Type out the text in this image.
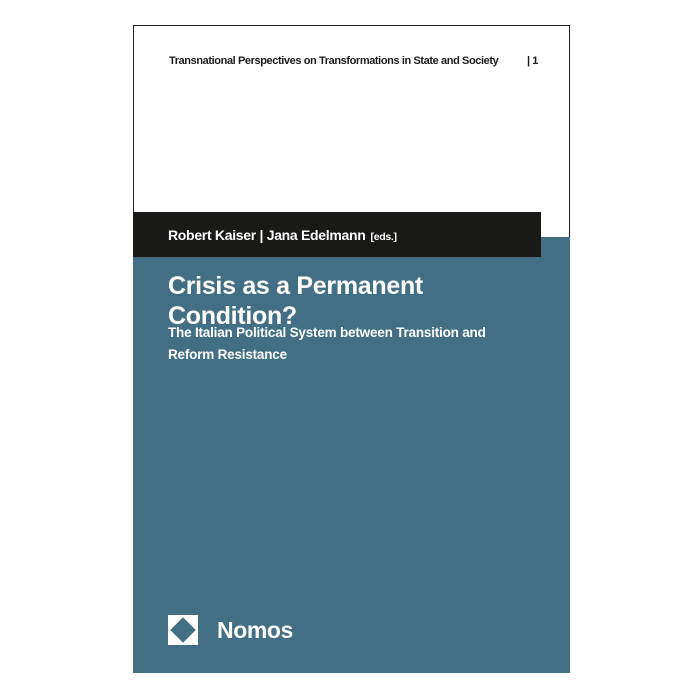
Transnational Perspectives on Transformations in State and Society	| 1
Robert Kaiser | Jana Edelmann [eds.]
Crisis as a Permanent Condition?
The Italian Political System between Transition and
Reform Resistance
Nomos
